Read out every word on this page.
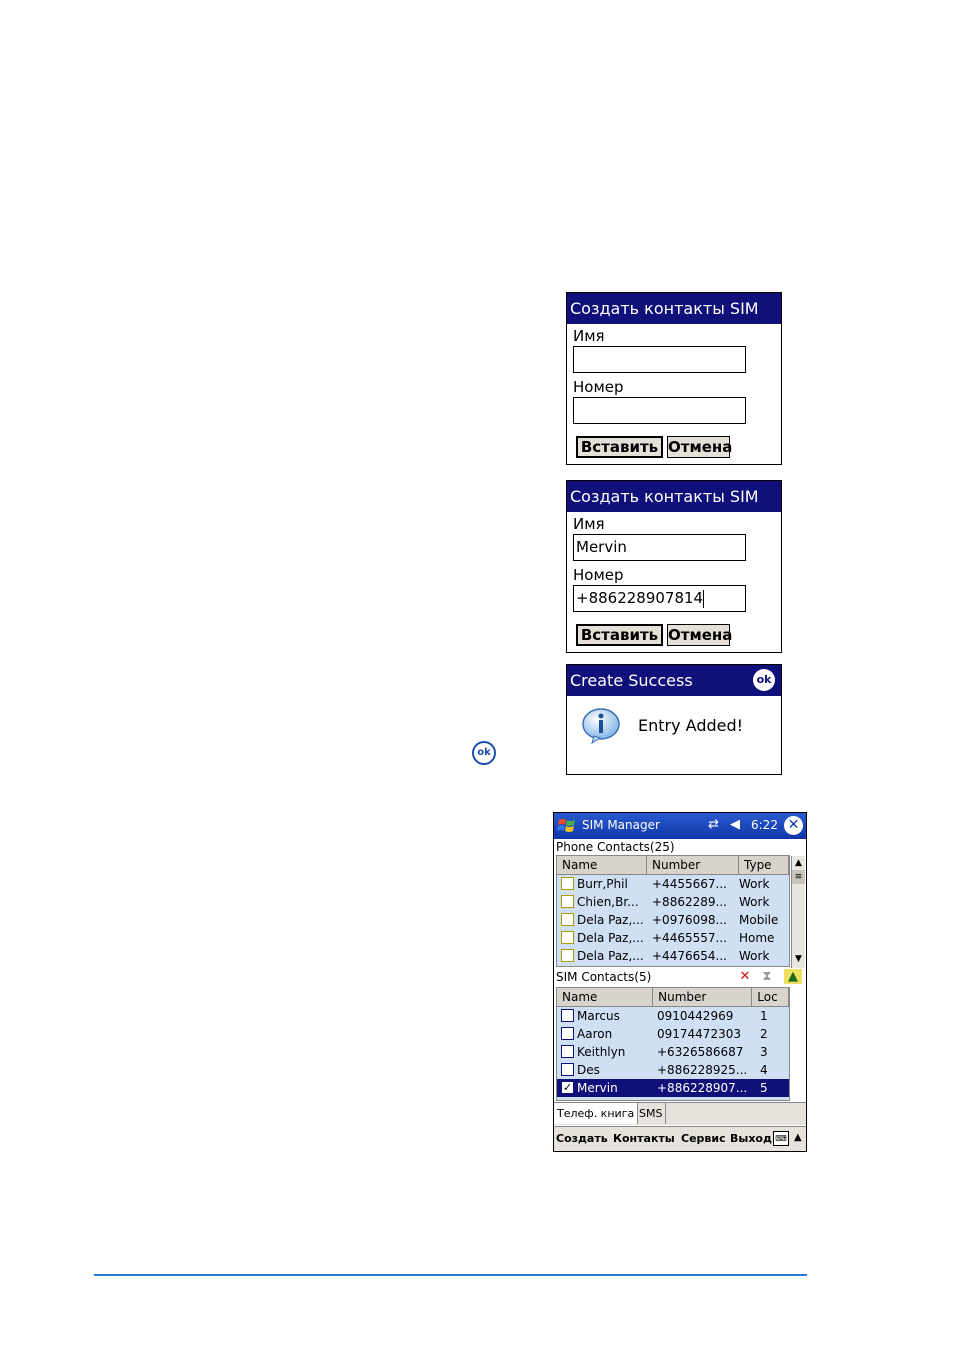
Создать контакты SIM
Имя
Номер
Вставить Отмена
Создать контакты SIM
Имя
Mervin
Номер
+886228907814
Вставить Отмена
Create Success	ok
Entry Added!
ok
SIM Manager	⇄ ◀ 6:22 ✕
Phone Contacts(25)
Name	Number	Type
Burr,Phil	+4455667...	Work
Chien,Br...	+8862289...	Work
Dela Paz,... +0976098...	Mobile
Dela Paz,... +4465557...	Home
Dela Paz,... +4476654...	Work
▲
≡
▼
SIM Contacts(5)	✕ ⧗	▲
Name	Number	Loc
Marcus	0910442969	1
Aaron	09174472303	2
Keithlyn	+6326586687	3
Des	+886228925...	4
✓ Mervin	+886228907...	5
Телеф. книга SMS
Создать Контакты Сервис Выход ⌨ ▲
